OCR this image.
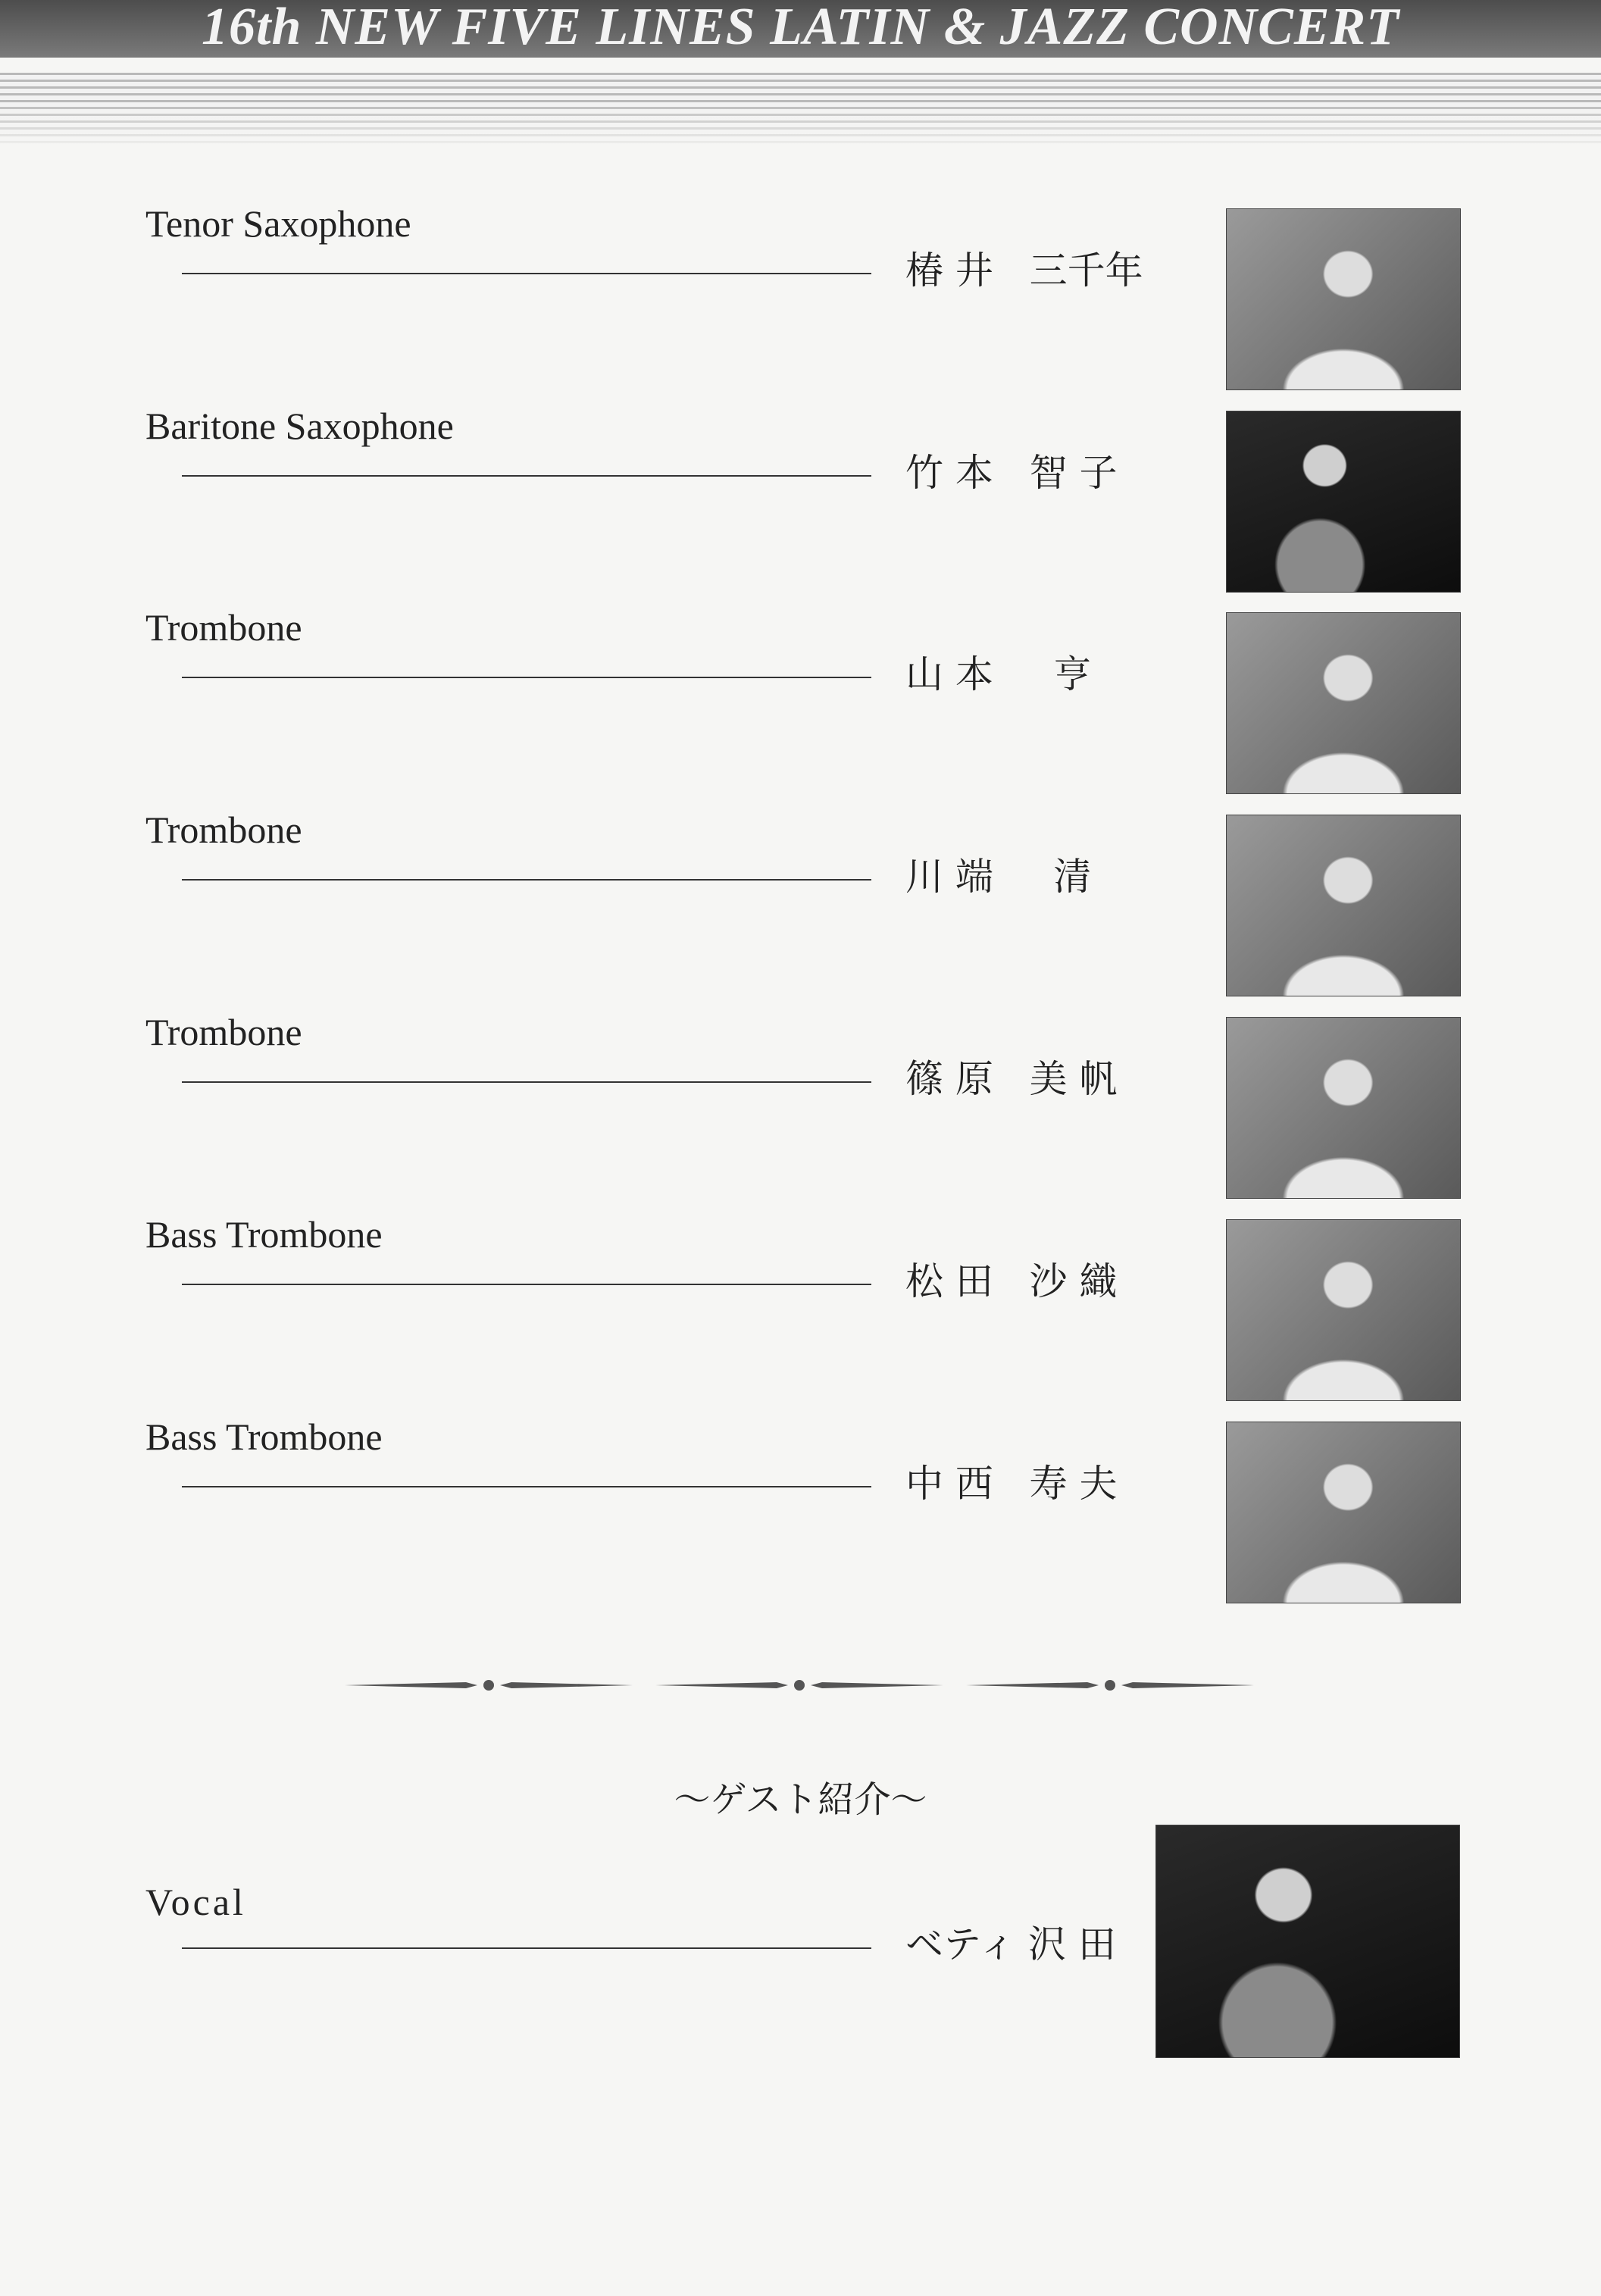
16th NEW FIVE LINES LATIN & JAZZ CONCERT
Tenor Saxophone
椿 井   三千年
Baritone Saxophone
竹 本   智 子
Trombone
山 本     亨
Trombone
川 端     清
Trombone
篠 原   美 帆
Bass Trombone
松 田   沙 織
Bass Trombone
中 西   寿 夫
～ゲスト紹介～
Vocal
ベティ 沢 田
